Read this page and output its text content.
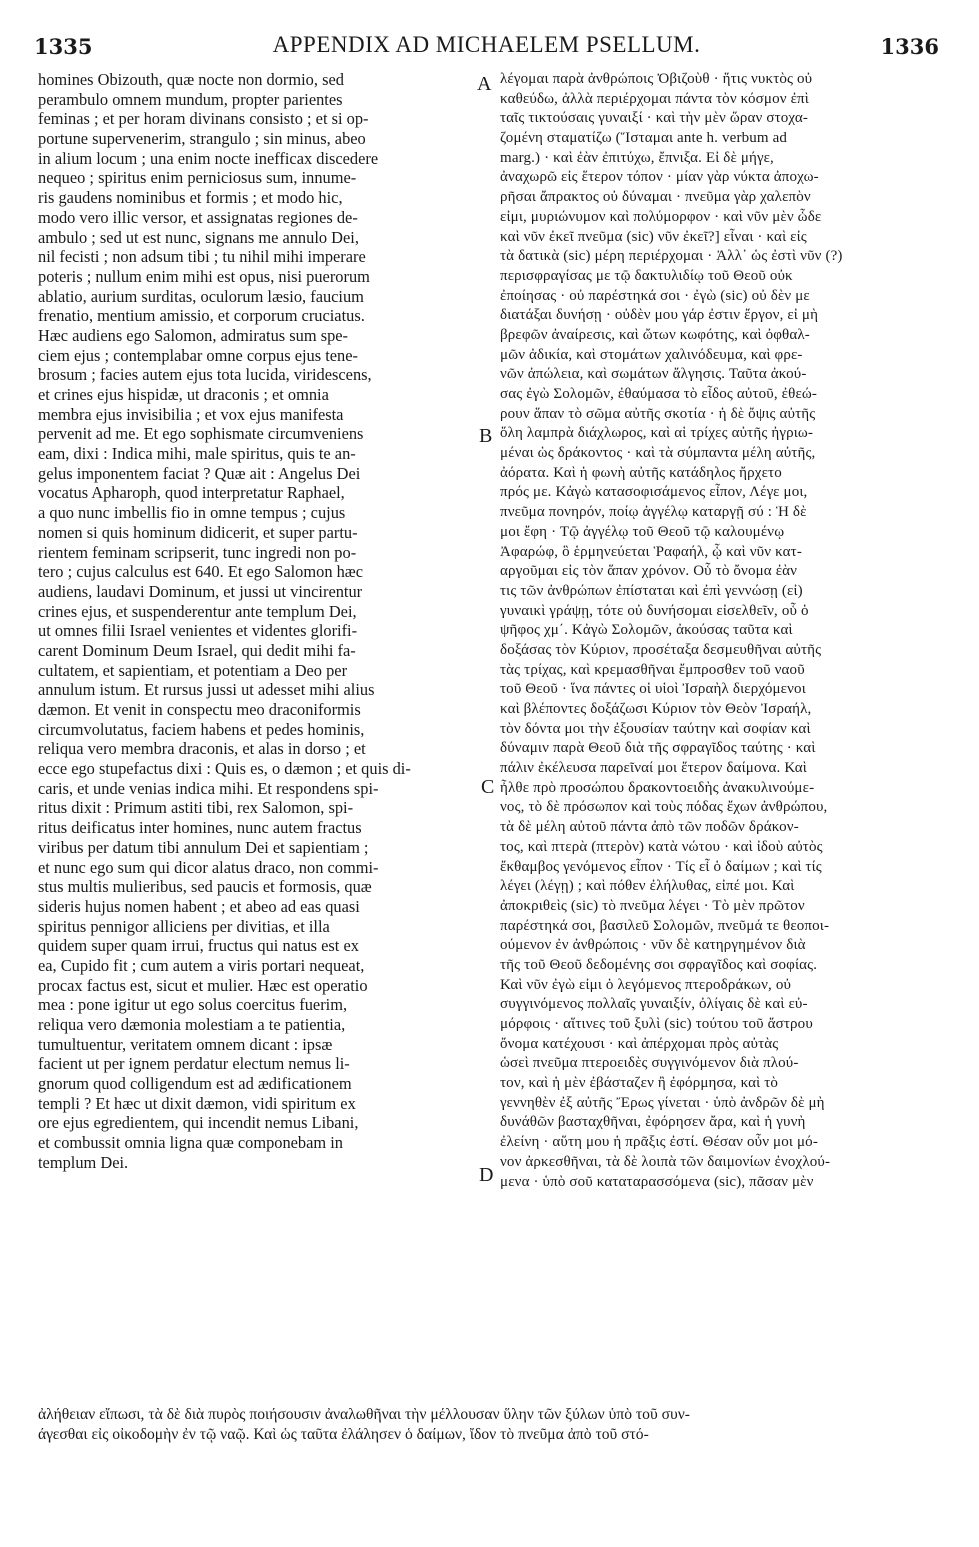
1335	APPENDIX AD MICHAELEM PSELLUM.	1336

homines Obizouth, quæ nocte non dormio, sed

perambulo omnem mundum, propter parientes

feminas ; et per horam divinans consisto ; et si op-

portune supervenerim, strangulo ; sin minus, abeo

in alium locum ; una enim nocte inefficax discedere

nequeo ; spiritus enim perniciosus sum, innume-

ris gaudens nominibus et formis ; et modo hic,

modo vero illic versor, et assignatas regiones de-

ambulo ; sed ut est nunc, signans me annulo Dei,

nil fecisti ; non adsum tibi ; tu nihil mihi imperare

poteris ; nullum enim mihi est opus, nisi puerorum

ablatio, aurium surditas, oculorum læsio, faucium

frenatio, mentium amissio, et corporum cruciatus.

Hæc audiens ego Salomon, admiratus sum spe-

ciem ejus ; contemplabar omne corpus ejus tene-

brosum ; facies autem ejus tota lucida, viridescens,

et crines ejus hispidæ, ut draconis ; et omnia

membra ejus invisibilia ; et vox ejus manifesta

pervenit ad me. Et ego sophismate circumveniens

eam, dixi : Indica mihi, male spiritus, quis te an-

gelus imponentem faciat ? Quæ ait : Angelus Dei

vocatus Apharoph, quod interpretatur Raphael,

a quo nunc imbellis fio in omne tempus ; cujus

nomen si quis hominum didicerit, et super partu-

rientem feminam scripserit, tunc ingredi non po-

tero ; cujus calculus est 640. Et ego Salomon hæc

audiens, laudavi Dominum, et jussi ut vincirentur

crines ejus, et suspenderentur ante templum Dei,

ut omnes filii Israel venientes et videntes glorifi-

carent Dominum Deum Israel, qui dedit mihi fa-

cultatem, et sapientiam, et potentiam a Deo per

annulum istum. Et rursus jussi ut adesset mihi alius

dæmon. Et venit in conspectu meo draconiformis

circumvolutatus, faciem habens et pedes hominis,

reliqua vero membra draconis, et alas in dorso ; et

ecce ego stupefactus dixi : Quis es, o dæmon ; et quis di-

caris, et unde venias indica mihi. Et respondens spi-

ritus dixit : Primum astiti tibi, rex Salomon, spi-

ritus deificatus inter homines, nunc autem fractus

viribus per datum tibi annulum Dei et sapientiam ;

et nunc ego sum qui dicor alatus draco, non commi-

stus multis mulieribus, sed paucis et formosis, quæ

sideris hujus nomen habent ; et abeo ad eas quasi

spiritus pennigor alliciens per divitias, et illa

quidem super quam irrui, fructus qui natus est ex

ea, Cupido fit ; cum autem a viris portari nequeat,

procax factus est, sicut et mulier. Hæc est operatio

mea : pone igitur ut ego solus coercitus fuerim,

reliqua vero dæmonia molestiam a te patientia,

tumultuentur, veritatem omnem dicant : ipsæ

facient ut per ignem perdatur electum nemus li-

gnorum quod colligendum est ad ædificationem

templi ? Et hæc ut dixit dæmon, vidi spiritum ex

ore ejus egredientem, qui incendit nemus Libani,

et combussit omnia ligna quæ componebam in

templum Dei.

A
B
C
D

λέγομαι παρὰ ἀνθρώποις Ὀβιζοὺθ · ἥτις νυκτὸς οὐ

καθεύδω, ἀλλὰ περιέρχομαι πάντα τὸν κόσμον ἐπὶ

ταῖς τικτούσαις γυναιξί · καὶ τὴν μὲν ὥραν στοχα-

ζομένη σταματίζω (Ἵσταμαι ante h. verbum ad

marg.) · καὶ ἐὰν ἐπιτύχω, ἔπνιξα. Εἰ δὲ μήγε,

ἀναχωρῶ εἰς ἕτερον τόπον · μίαν γὰρ νύκτα ἀποχω-

ρῆσαι ἄπρακτος οὐ δύναμαι · πνεῦμα γὰρ χαλεπὸν

εἰμι, μυριώνυμον καὶ πολύμορφον · καὶ νῦν μὲν ὧδε

καὶ νῦν ἐκεῖ πνεῦμα (sic) νῦν ἐκεῖ?] εἶναι · καὶ εἰς

τὰ δατικὰ (sic) μέρη περιέρχομαι · Ἀλλ᾽ ὡς ἐστὶ νῦν (?)

περισφραγίσας με τῷ δακτυλιδίῳ τοῦ Θεοῦ οὐκ

ἐποίησας · οὐ παρέστηκά σοι · ἐγὼ (sic) οὐ δὲν με

διατάξαι δυνήσῃ · οὐδὲν μου γάρ ἐστιν ἔργον, εἰ μὴ

βρεφῶν ἀναίρεσις, καὶ ὤτων κωφότης, καὶ ὀφθαλ-

μῶν ἀδικία, καὶ στομάτων χαλινόδευμα, καὶ φρε-

νῶν ἀπώλεια, καὶ σωμάτων ἄλγησις. Ταῦτα ἀκού-

σας ἐγὼ Σολομῶν, ἐθαύμασα τὸ εἶδος αὐτοῦ, ἐθεώ-

ρουν ἅπαν τὸ σῶμα αὐτῆς σκοτία · ἡ δὲ ὄψις αὐτῆς

ὅλη λαμπρὰ διάχλωρος, καὶ αἱ τρίχες αὐτῆς ἠγριω-

μέναι ὡς δράκοντος · καὶ τὰ σύμπαντα μέλη αὐτῆς,

ἀόρατα. Καὶ ἡ φωνὴ αὐτῆς κατάδηλος ἤρχετο

πρός με. Κἀγὼ κατασοφισάμενος εἶπον, Λέγε μοι,

πνεῦμα πονηρόν, ποίῳ ἀγγέλῳ καταργῇ σύ : Ἡ δὲ

μοι ἔφη · Τῷ ἀγγέλῳ τοῦ Θεοῦ τῷ καλουμένῳ

Ἀφαρώφ, ὃ ἑρμηνεύεται Ῥαφαήλ, ᾧ καὶ νῦν κατ-

αργοῦμαι εἰς τὸν ἅπαν χρόνον. Οὗ τὸ ὄνομα ἐὰν

τις τῶν ἀνθρώπων ἐπίσταται καὶ ἐπὶ γεννώσῃ (εἰ)

γυναικὶ γράψῃ, τότε οὐ δυνήσομαι εἰσελθεῖν, οὗ ὁ

ψῆφος χμ΄. Κἀγὼ Σολομῶν, ἀκούσας ταῦτα καὶ

δοξάσας τὸν Κύριον, προσέταξα δεσμευθῆναι αὐτῆς

τὰς τρίχας, καὶ κρεμασθῆναι ἔμπροσθεν τοῦ ναοῦ

τοῦ Θεοῦ · ἵνα πάντες οἱ υἱοὶ Ἰσραὴλ διερχόμενοι

καὶ βλέποντες δοξάζωσι Κύριον τὸν Θεὸν Ἰσραήλ,

τὸν δόντα μοι τὴν ἐξουσίαν ταύτην καὶ σοφίαν καὶ

δύναμιν παρὰ Θεοῦ διὰ τῆς σφραγῖδος ταύτης · καὶ

πάλιν ἐκέλευσα παρεῖναί μοι ἕτερον δαίμονα. Καὶ

ἦλθε πρὸ προσώπου δρακοντοειδὴς ἀνακυλινούμε-

νος, τὸ δὲ πρόσωπον καὶ τοὺς πόδας ἔχων ἀνθρώπου,

τὰ δὲ μέλη αὐτοῦ πάντα ἀπὸ τῶν ποδῶν δράκον-

τος, καὶ πτερὰ (πτερὸν) κατὰ νώτου · καὶ ἰδοὺ αὐτὸς

ἔκθαμβος γενόμενος εἶπον · Τίς εἶ ὁ δαίμων ; καὶ τίς

λέγει (λέγῃ) ; καὶ πόθεν ἐλήλυθας, εἰπέ μοι. Καὶ

ἀποκριθεὶς (sic) τὸ πνεῦμα λέγει · Τὸ μὲν πρῶτον

παρέστηκά σοι, βασιλεῦ Σολομῶν, πνεῦμά τε θεοποι-

ούμενον ἐν ἀνθρώποις · νῦν δὲ κατηργημένον διὰ

τῆς τοῦ Θεοῦ δεδομένης σοι σφραγῖδος καὶ σοφίας.

Καὶ νῦν ἐγὼ εἰμι ὁ λεγόμενος πτεροδράκων, οὐ

συγγινόμενος πολλαῖς γυναιξίν, ὀλίγαις δὲ καὶ εὐ-

μόρφοις · αἵτινες τοῦ ξυλὶ (sic) τούτου τοῦ ἄστρου

ὄνομα κατέχουσι · καὶ ἀπέρχομαι πρὸς αὐτὰς

ὡσεὶ πνεῦμα πτεροειδὲς συγγινόμενον διὰ πλού-

τον, καὶ ἡ μὲν ἐβάσταζεν ἢ ἐφόρμησα, καὶ τὸ

γεννηθὲν ἐξ αὐτῆς Ἔρως γίνεται · ὑπὸ ἀνδρῶν δὲ μὴ

δυνάθῶν βασταχθῆναι, ἐφόρησεν ἄρα, καὶ ἡ γυνὴ

ἐλείνη · αὕτη μου ἡ πρᾶξις ἐστί. Θέσαν οὖν μοι μό-

νον ἀρκεσθῆναι, τὰ δὲ λοιπὰ τῶν δαιμονίων ἐνοχλού-

μενα · ὑπὸ σοῦ καταταρασσόμενα (sic), πᾶσαν μὲν

ἀλήθειαν εἴπωσι, τὰ δὲ διὰ πυρὸς ποιήσουσιν ἀναλωθῆναι τὴν μέλλουσαν ὕλην τῶν ξύλων ὑπὸ τοῦ συν-

άγεσθαι εἰς οἰκοδομὴν ἐν τῷ ναῷ. Καὶ ὡς ταῦτα ἐλάλησεν ὁ δαίμων, ἴδον τὸ πνεῦμα ἀπὸ τοῦ στό-
